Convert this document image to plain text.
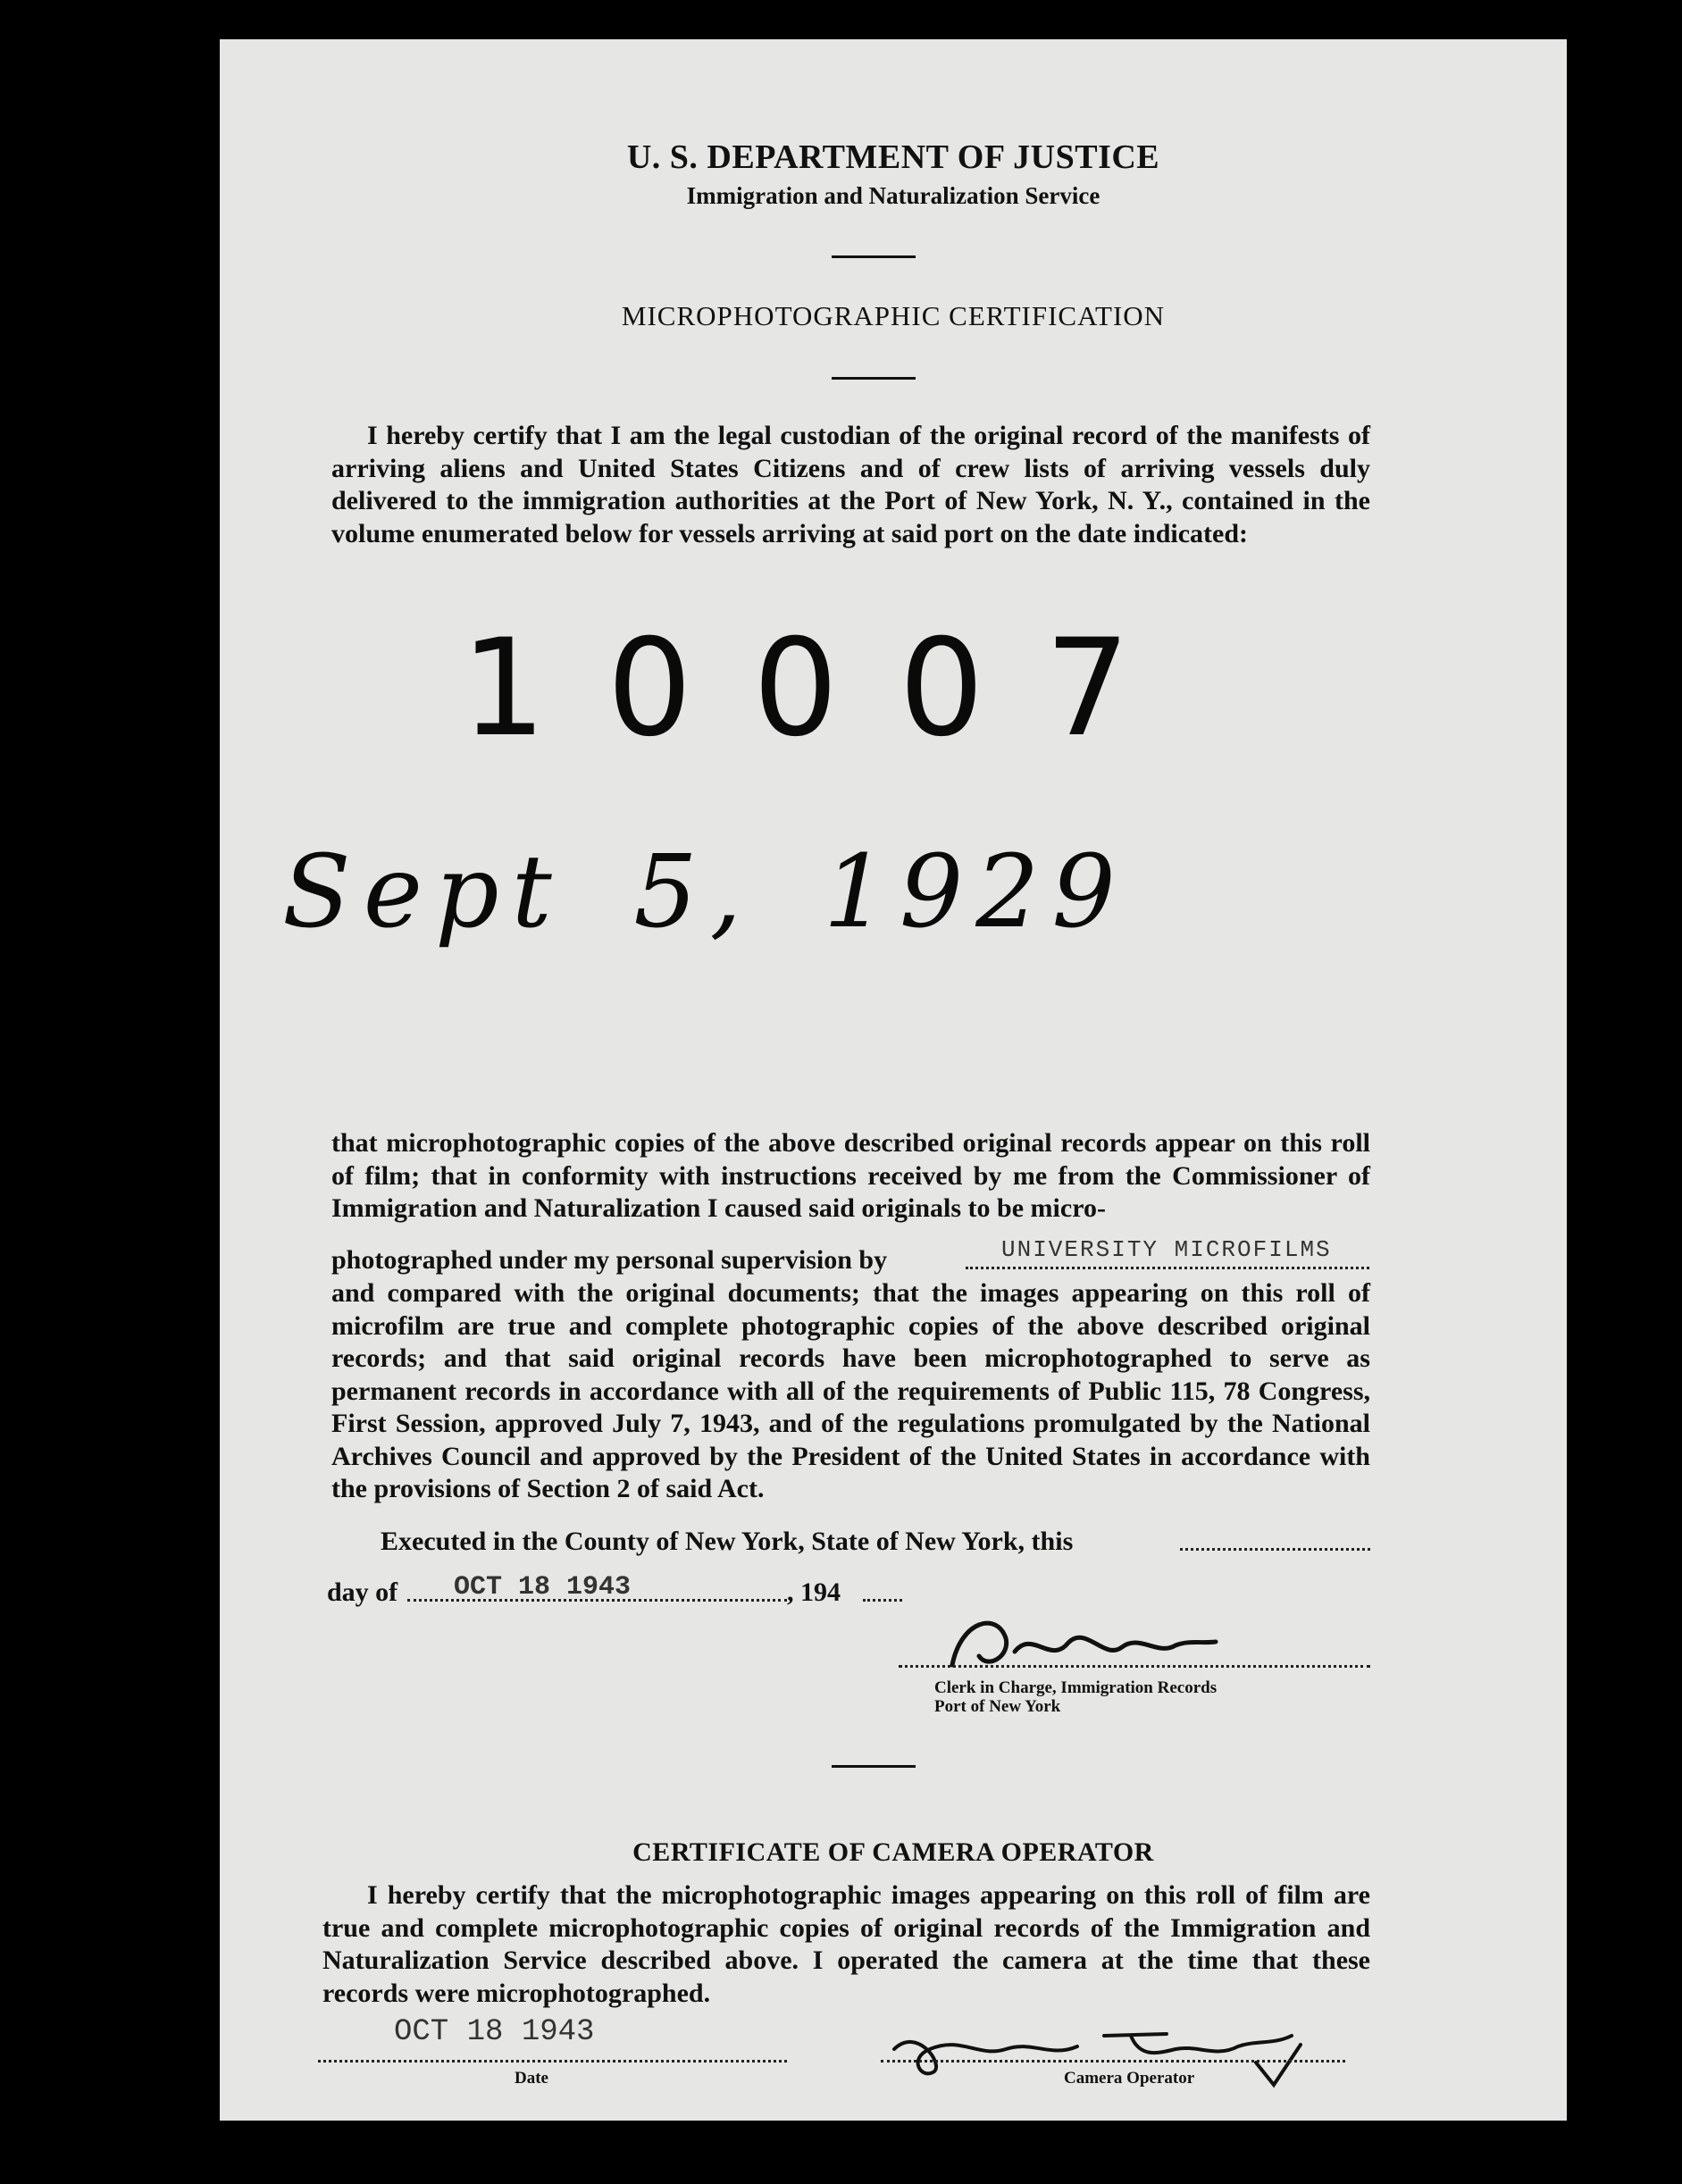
U. S. DEPARTMENT OF JUSTICE
Immigration and Naturalization Service
MICROPHOTOGRAPHIC CERTIFICATION
I hereby certify that I am the legal custodian of the original record of the manifests of arriving aliens and United States Citizens and of crew lists of arriving vessels duly delivered to the immigration authorities at the Port of New York, N. Y., contained in the volume enumerated below for vessels arriving at said port on the date indicated:
10007
Sept 5, 1929
that microphotographic copies of the above described original records appear on this roll of film; that in conformity with instructions received by me from the Commissioner of Immigration and Naturalization I caused said originals to be micro-
photographed under my personal supervision by	UNIVERSITY MICROFILMS
and compared with the original documents; that the images appearing on this roll of microfilm are true and complete photographic copies of the above described original records; and that said original records have been microphotographed to serve as permanent records in accordance with all of the requirements of Public 115, 78 Congress, First Session, approved July 7, 1943, and of the regulations promulgated by the National Archives Council and approved by the President of the United States in accordance with the provisions of Section 2 of said Act.
Executed in the County of New York, State of New York, this
day of OCT 18 1943	, 194
Clerk in Charge, Immigration Records
Port of New York
CERTIFICATE OF CAMERA OPERATOR
I hereby certify that the microphotographic images appearing on this roll of film are true and complete microphotographic copies of original records of the Immigration and Naturalization Service described above. I operated the camera at the time that these records were microphotographed.
OCT 18 1943
Date	Camera Operator
